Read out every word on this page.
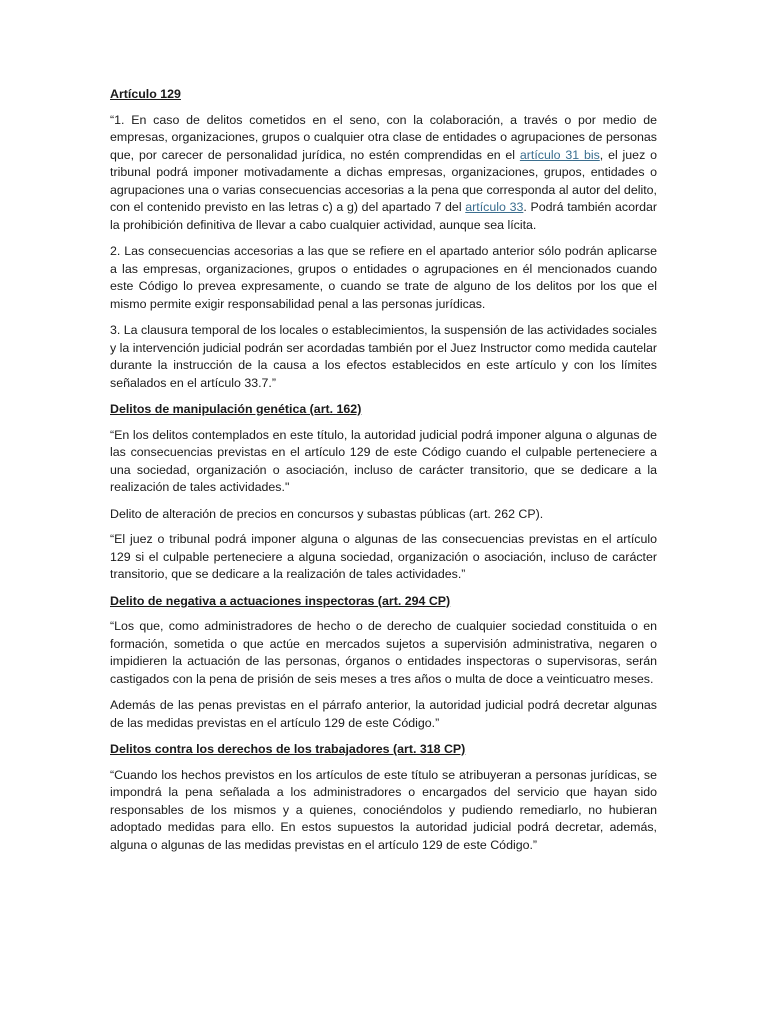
Artículo 129

“1. En caso de delitos cometidos en el seno, con la colaboración, a través o por medio de empresas, organizaciones, grupos o cualquier otra clase de entidades o agrupaciones de personas que, por carecer de personalidad jurídica, no estén comprendidas en el artículo 31 bis, el juez o tribunal podrá imponer motivadamente a dichas empresas, organizaciones, grupos, entidades o agrupaciones una o varias consecuencias accesorias a la pena que corresponda al autor del delito, con el contenido previsto en las letras c) a g) del apartado 7 del artículo 33. Podrá también acordar la prohibición definitiva de llevar a cabo cualquier actividad, aunque sea lícita.

2. Las consecuencias accesorias a las que se refiere en el apartado anterior sólo podrán aplicarse a las empresas, organizaciones, grupos o entidades o agrupaciones en él mencionados cuando este Código lo prevea expresamente, o cuando se trate de alguno de los delitos por los que el mismo permite exigir responsabilidad penal a las personas jurídicas.

3. La clausura temporal de los locales o establecimientos, la suspensión de las actividades sociales y la intervención judicial podrán ser acordadas también por el Juez Instructor como medida cautelar durante la instrucción de la causa a los efectos establecidos en este artículo y con los límites señalados en el artículo 33.7.”

Delitos de manipulación genética (art. 162)

“En los delitos contemplados en este título, la autoridad judicial podrá imponer alguna o algunas de las consecuencias previstas en el artículo 129 de este Código cuando el culpable perteneciere a una sociedad, organización o asociación, incluso de carácter transitorio, que se dedicare a la realización de tales actividades."

Delito de alteración de precios en concursos y subastas públicas (art. 262 CP).

“El juez o tribunal podrá imponer alguna o algunas de las consecuencias previstas en el artículo 129 si el culpable perteneciere a alguna sociedad, organización o asociación, incluso de carácter transitorio, que se dedicare a la realización de tales actividades.”

Delito de negativa a actuaciones inspectoras (art. 294 CP)

“Los que, como administradores de hecho o de derecho de cualquier sociedad constituida o en formación, sometida o que actúe en mercados sujetos a supervisión administrativa, negaren o impidieren la actuación de las personas, órganos o entidades inspectoras o supervisoras, serán castigados con la pena de prisión de seis meses a tres años o multa de doce a veinticuatro meses.

Además de las penas previstas en el párrafo anterior, la autoridad judicial podrá decretar algunas de las medidas previstas en el artículo 129 de este Código.”

Delitos contra los derechos de los trabajadores (art. 318 CP)

“Cuando los hechos previstos en los artículos de este título se atribuyeran a personas jurídicas, se impondrá la pena señalada a los administradores o encargados del servicio que hayan sido responsables de los mismos y a quienes, conociéndolos y pudiendo remediarlo, no hubieran adoptado medidas para ello. En estos supuestos la autoridad judicial podrá decretar, además, alguna o algunas de las medidas previstas en el artículo 129 de este Código.”
